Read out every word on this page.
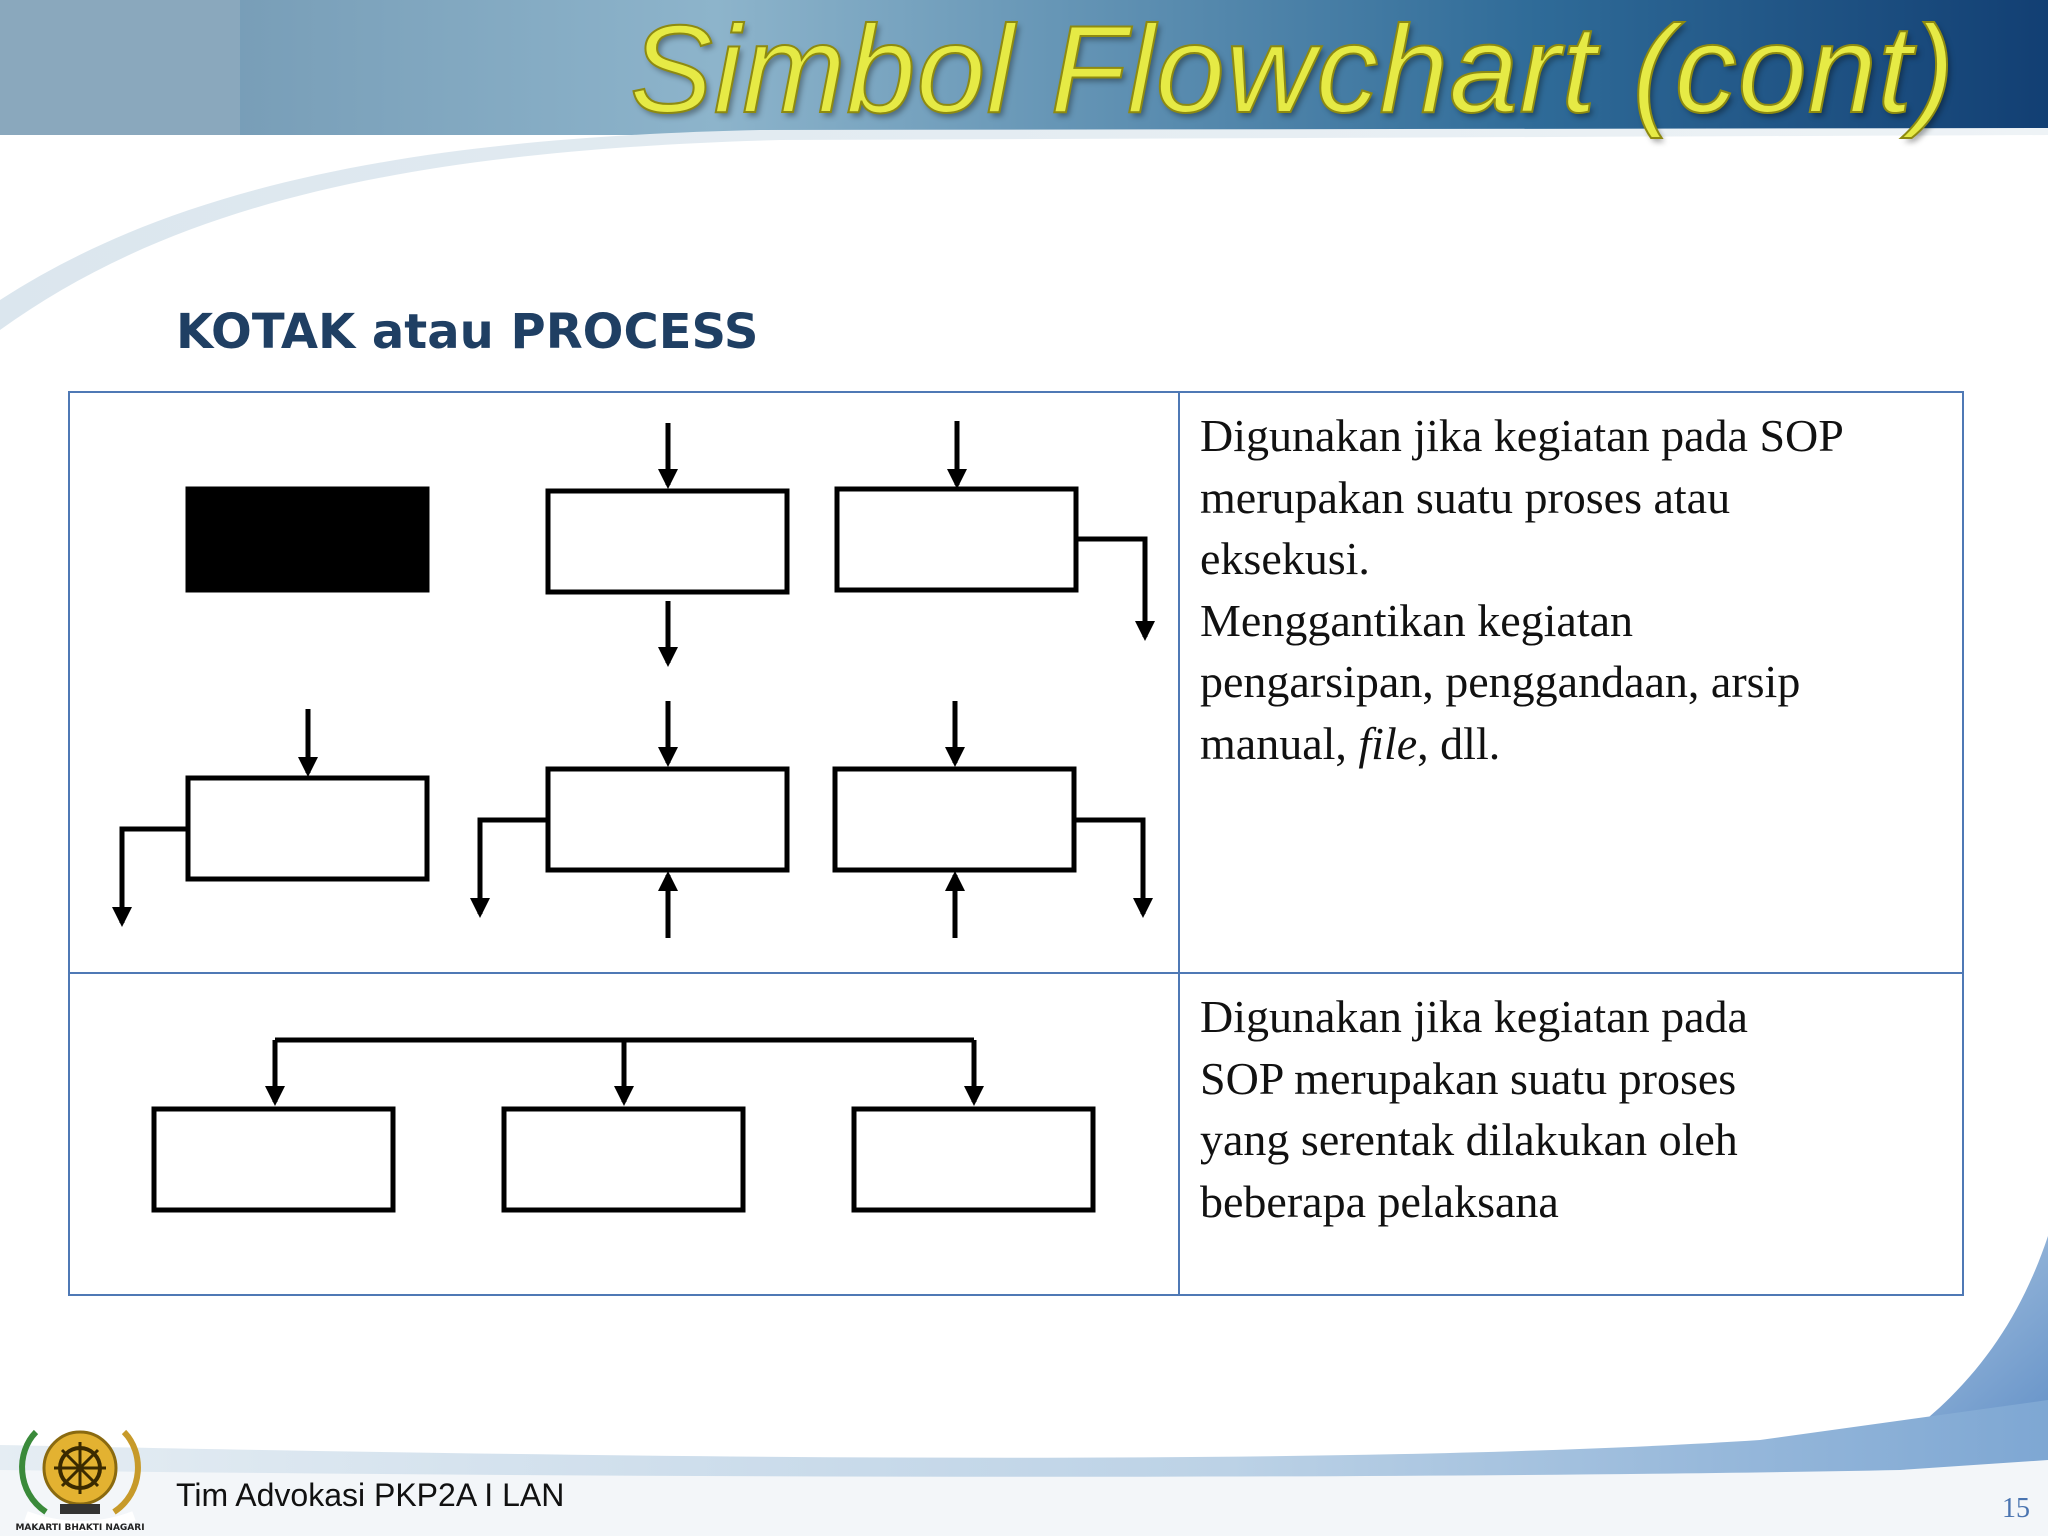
Simbol Flowchart (cont)
KOTAK atau PROCESS

Digunakan jika kegiatan pada SOP
merupakan suatu proses atau
eksekusi.
Menggantikan kegiatan
pengarsipan, penggandaan, arsip
manual, file, dll.

Digunakan jika kegiatan pada
SOP merupakan suatu proses
yang serentak dilakukan oleh
beberapa pelaksana

MAKARTI BHAKTI NAGARI

Tim Advokasi PKP2A I LAN	15
